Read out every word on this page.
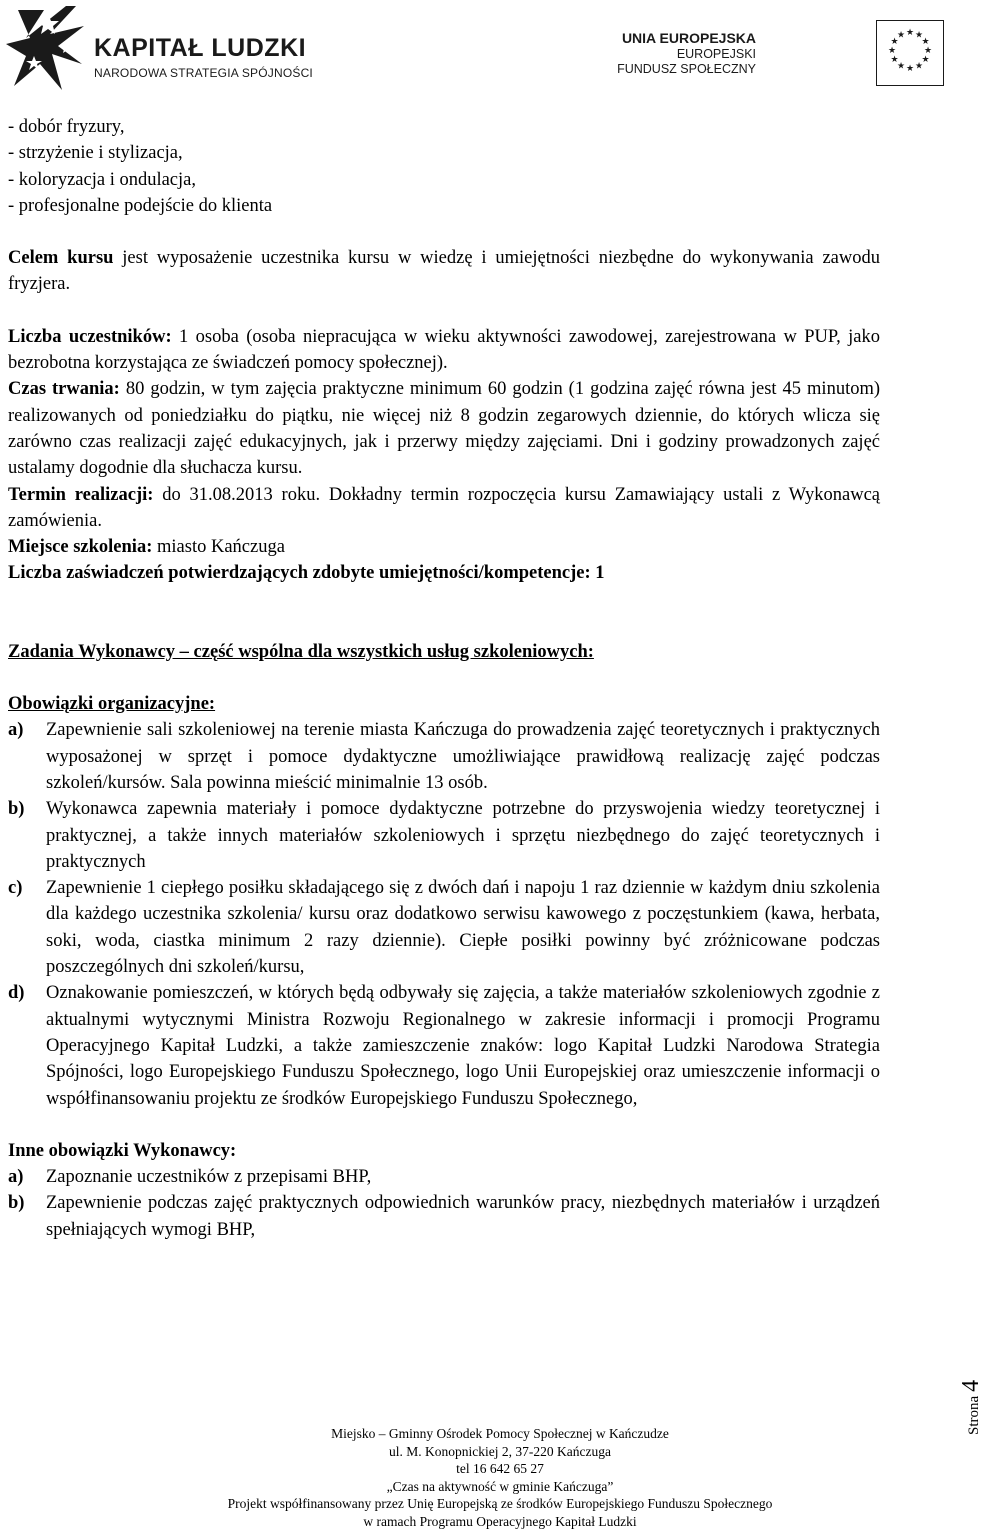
KAPITAŁ LUDZKI
NARODOWA STRATEGIA SPÓJNOŚCI
UNIA EUROPEJSKA
EUROPEJSKI
FUNDUSZ SPOŁECZNY
★ ★
★
★
★
★
★
★
★
★
★
★

- dobór fryzury,

- strzyżenie i stylizacja,

- koloryzacja i ondulacja,

- profesjonalne podejście do klienta

Celem kursu jest wyposażenie uczestnika kursu w wiedzę i umiejętności niezbędne do wykonywania zawodu fryzjera.

Liczba uczestników: 1 osoba (osoba niepracująca w wieku aktywności zawodowej, zarejestrowana w PUP, jako bezrobotna korzystająca ze świadczeń pomocy społecznej).

Czas trwania: 80 godzin, w tym zajęcia praktyczne minimum 60 godzin (1 godzina zajęć równa jest 45 minutom) realizowanych od poniedziałku do piątku, nie więcej niż 8 godzin zegarowych dziennie, do których wlicza się zarówno czas realizacji zajęć edukacyjnych, jak i przerwy między zajęciami. Dni i godziny prowadzonych zajęć ustalamy dogodnie dla słuchacza kursu.

Termin realizacji: do 31.08.2013 roku. Dokładny termin rozpoczęcia kursu Zamawiający ustali z Wykonawcą zamówienia.

Miejsce szkolenia: miasto Kańczuga

Liczba zaświadczeń potwierdzających zdobyte umiejętności/kompetencje: 1

Zadania Wykonawcy – część wspólna dla wszystkich usług szkoleniowych:

Obowiązki organizacyjne:

a) Zapewnienie sali szkoleniowej na terenie miasta Kańczuga do prowadzenia zajęć teoretycznych i praktycznych wyposażonej w sprzęt i pomoce dydaktyczne umożliwiające prawidłową realizację zajęć podczas szkoleń/kursów. Sala powinna mieścić minimalnie 13 osób.
b) Wykonawca zapewnia materiały i pomoce dydaktyczne potrzebne do przyswojenia wiedzy teoretycznej i praktycznej, a także innych materiałów szkoleniowych i sprzętu niezbędnego do zajęć teoretycznych i praktycznych
c) Zapewnienie 1 ciepłego posiłku składającego się z dwóch dań i napoju 1 raz dziennie w każdym dniu szkolenia dla każdego uczestnika szkolenia/ kursu oraz dodatkowo serwisu kawowego z poczęstunkiem (kawa, herbata, soki, woda, ciastka minimum 2 razy dziennie). Ciepłe posiłki powinny być zróżnicowane podczas poszczególnych dni szkoleń/kursu,
d) Oznakowanie pomieszczeń, w których będą odbywały się zajęcia, a także materiałów szkoleniowych zgodnie z aktualnymi wytycznymi Ministra Rozwoju Regionalnego w zakresie informacji i promocji Programu Operacyjnego Kapitał Ludzki, a także zamieszczenie znaków: logo Kapitał Ludzki Narodowa Strategia Spójności, logo Europejskiego Funduszu Społecznego, logo Unii Europejskiej oraz umieszczenie informacji o współfinansowaniu projektu ze środków Europejskiego Funduszu Społecznego,

Inne obowiązki Wykonawcy:

a) Zapoznanie uczestników z przepisami BHP,
b) Zapewnienie podczas zajęć praktycznych odpowiednich warunków pracy, niezbędnych materiałów i urządzeń spełniających wymogi BHP,
Strona 4
Miejsko – Gminny Ośrodek Pomocy Społecznej w Kańczudze
ul. M. Konopnickiej 2, 37-220 Kańczuga
tel 16 642 65 27
„Czas na aktywność w gminie Kańczuga”
Projekt współfinansowany przez Unię Europejską ze środków Europejskiego Funduszu Społecznego
w ramach Programu Operacyjnego Kapitał Ludzki
